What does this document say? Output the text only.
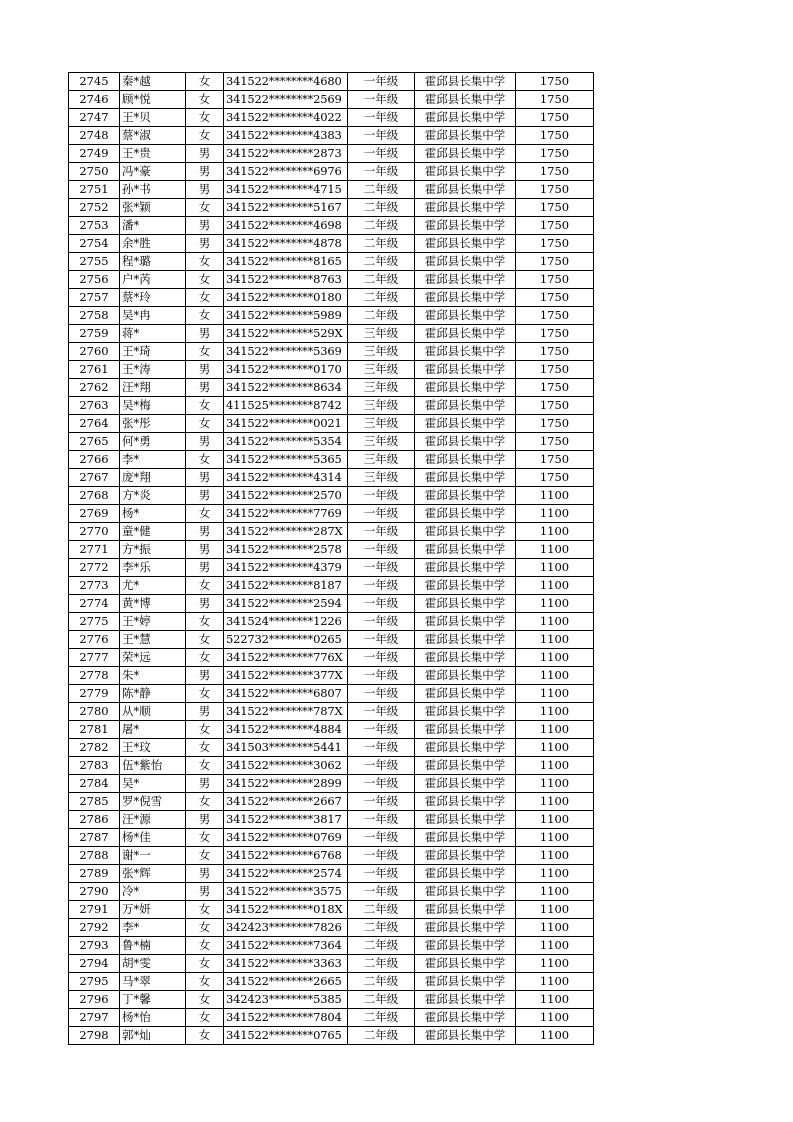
2745	秦*越	女	341522********4680	一年级	霍邱县长集中学	1750
2746	顾*悦	女	341522********2569	一年级	霍邱县长集中学	1750
2747	王*贝	女	341522********4022	一年级	霍邱县长集中学	1750
2748	蔡*淑	女	341522********4383	一年级	霍邱县长集中学	1750
2749	王*贵	男	341522********2873	一年级	霍邱县长集中学	1750
2750	冯*豪	男	341522********6976	一年级	霍邱县长集中学	1750
2751	孙*书	男	341522********4715	二年级	霍邱县长集中学	1750
2752	张*颖	女	341522********5167	二年级	霍邱县长集中学	1750
2753	潘*	男	341522********4698	二年级	霍邱县长集中学	1750
2754	余*胜	男	341522********4878	二年级	霍邱县长集中学	1750
2755	程*璐	女	341522********8165	二年级	霍邱县长集中学	1750
2756	户*芮	女	341522********8763	二年级	霍邱县长集中学	1750
2757	蔡*玲	女	341522********0180	二年级	霍邱县长集中学	1750
2758	吴*冉	女	341522********5989	二年级	霍邱县长集中学	1750
2759	蒋*	男	341522********529X	三年级	霍邱县长集中学	1750
2760	王*琦	女	341522********5369	三年级	霍邱县长集中学	1750
2761	王*涛	男	341522********0170	三年级	霍邱县长集中学	1750
2762	汪*翔	男	341522********8634	三年级	霍邱县长集中学	1750
2763	吴*梅	女	411525********8742	三年级	霍邱县长集中学	1750
2764	张*彤	女	341522********0021	三年级	霍邱县长集中学	1750
2765	何*勇	男	341522********5354	三年级	霍邱县长集中学	1750
2766	李*	女	341522********5365	三年级	霍邱县长集中学	1750
2767	庞*翔	男	341522********4314	三年级	霍邱县长集中学	1750
2768	方*炎	男	341522********2570	一年级	霍邱县长集中学	1100
2769	杨*	女	341522********7769	一年级	霍邱县长集中学	1100
2770	童*健	男	341522********287X	一年级	霍邱县长集中学	1100
2771	方*振	男	341522********2578	一年级	霍邱县长集中学	1100
2772	李*乐	男	341522********4379	一年级	霍邱县长集中学	1100
2773	尤*	女	341522********8187	一年级	霍邱县长集中学	1100
2774	黄*博	男	341522********2594	一年级	霍邱县长集中学	1100
2775	王*婷	女	341524********1226	一年级	霍邱县长集中学	1100
2776	王*慧	女	522732********0265	一年级	霍邱县长集中学	1100
2777	荣*远	女	341522********776X	一年级	霍邱县长集中学	1100
2778	朱*	男	341522********377X	一年级	霍邱县长集中学	1100
2779	陈*静	女	341522********6807	一年级	霍邱县长集中学	1100
2780	从*顺	男	341522********787X	一年级	霍邱县长集中学	1100
2781	屠*	女	341522********4884	一年级	霍邱县长集中学	1100
2782	王*玟	女	341503********5441	一年级	霍邱县长集中学	1100
2783	伍*紫怡	女	341522********3062	一年级	霍邱县长集中学	1100
2784	吴*	男	341522********2899	一年级	霍邱县长集中学	1100
2785	罗*倪雪	女	341522********2667	一年级	霍邱县长集中学	1100
2786	汪*源	男	341522********3817	一年级	霍邱县长集中学	1100
2787	杨*佳	女	341522********0769	一年级	霍邱县长集中学	1100
2788	谢*一	女	341522********6768	一年级	霍邱县长集中学	1100
2789	张*辉	男	341522********2574	一年级	霍邱县长集中学	1100
2790	冷*	男	341522********3575	一年级	霍邱县长集中学	1100
2791	万*妍	女	341522********018X	二年级	霍邱县长集中学	1100
2792	李*	女	342423********7826	二年级	霍邱县长集中学	1100
2793	鲁*楠	女	341522********7364	二年级	霍邱县长集中学	1100
2794	胡*雯	女	341522********3363	二年级	霍邱县长集中学	1100
2795	马*翠	女	341522********2665	二年级	霍邱县长集中学	1100
2796	丁*馨	女	342423********5385	二年级	霍邱县长集中学	1100
2797	杨*怡	女	341522********7804	二年级	霍邱县长集中学	1100
2798	郭*灿	女	341522********0765	二年级	霍邱县长集中学	1100
